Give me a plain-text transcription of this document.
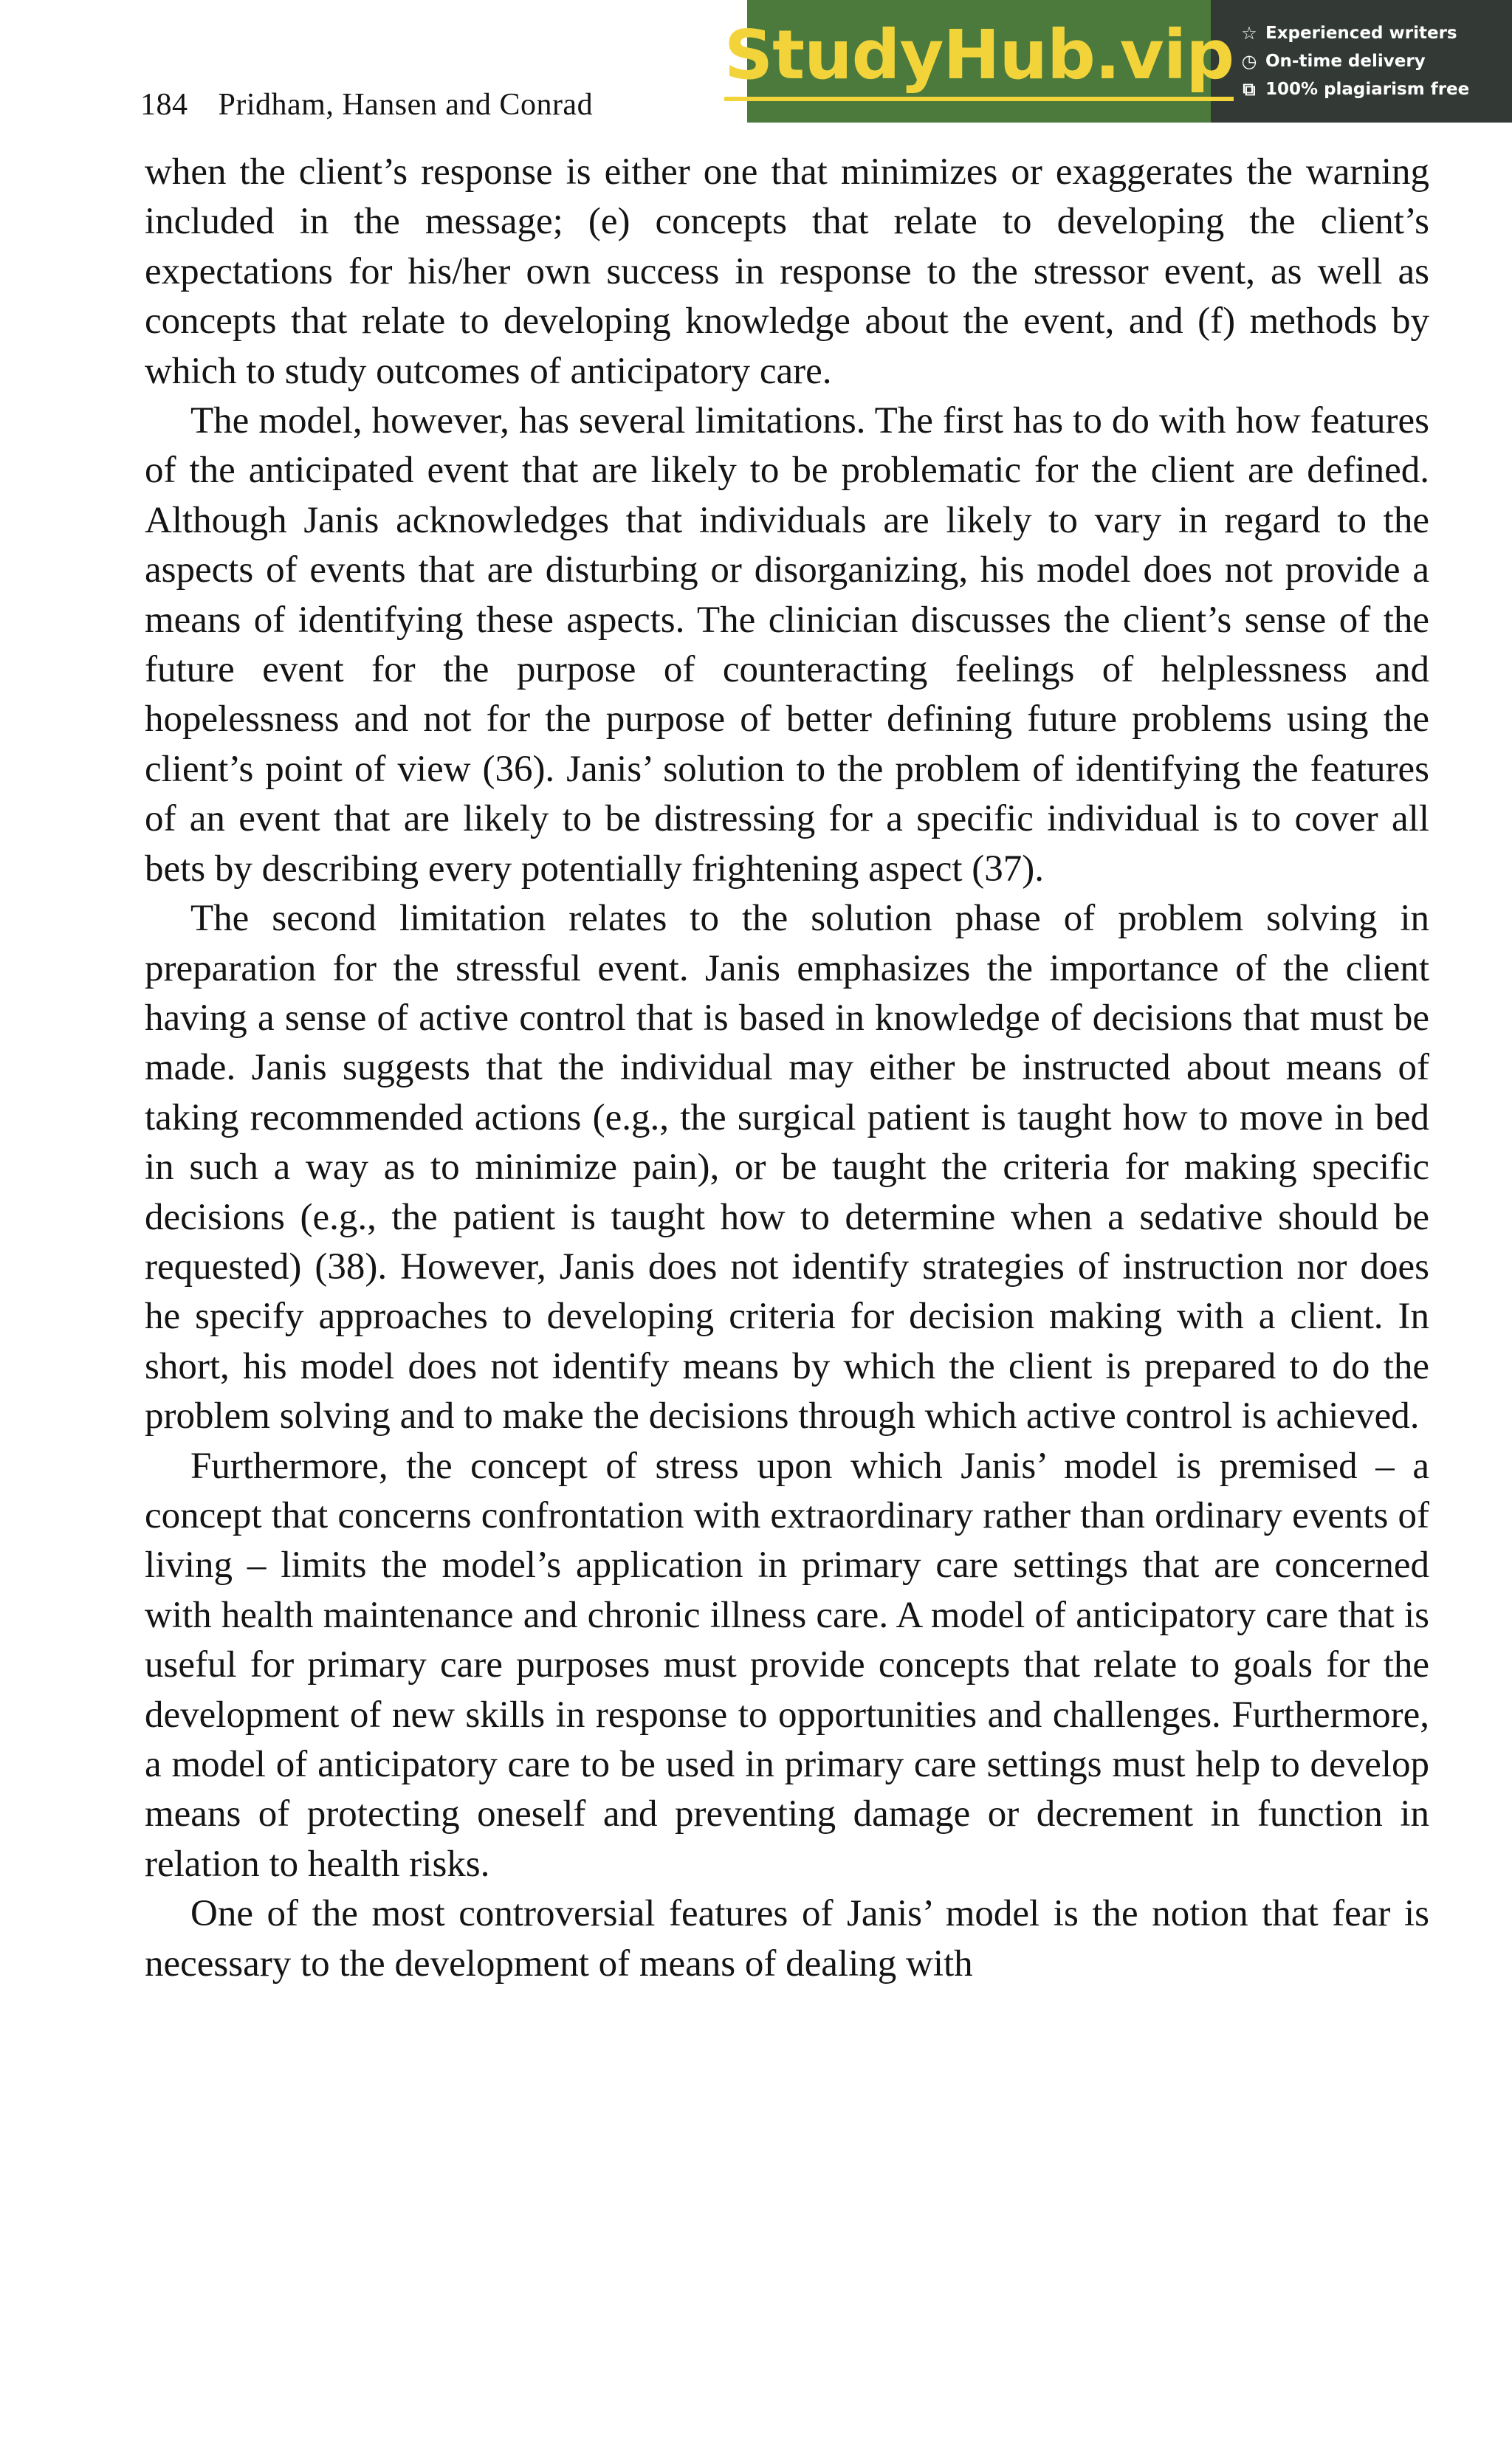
184 Pridham, Hansen and Conrad
StudyHub.vip ☆ Experienced writers
◷ On-time delivery
⧉ 100% plagiarism free

when the client’s response is either one that minimizes or exaggerates the warning included in the message; (e) concepts that relate to developing the client’s expectations for his/her own success in response to the stressor event, as well as concepts that relate to developing knowledge about the event, and (f) methods by which to study outcomes of anticipatory care.

The model, however, has several limitations. The first has to do with how features of the anticipated event that are likely to be problematic for the client are defined. Although Janis acknowledges that individuals are likely to vary in regard to the aspects of events that are disturbing or disorganizing, his model does not provide a means of identifying these aspects. The clinician discusses the client’s sense of the future event for the purpose of counteracting feelings of helplessness and hopelessness and not for the purpose of better defining future problems using the client’s point of view (36). Janis’ solution to the problem of identifying the features of an event that are likely to be distressing for a specific individual is to cover all bets by describing every potentially frightening aspect (37).

The second limitation relates to the solution phase of problem solving in preparation for the stressful event. Janis emphasizes the importance of the client having a sense of active control that is based in knowledge of decisions that must be made. Janis suggests that the individual may either be instructed about means of taking recommended actions (e.g., the surgical patient is taught how to move in bed in such a way as to minimize pain), or be taught the criteria for making specific decisions (e.g., the patient is taught how to determine when a sedative should be requested) (38). However, Janis does not identify strategies of instruction nor does he specify approaches to developing criteria for decision making with a client. In short, his model does not identify means by which the client is prepared to do the problem solving and to make the decisions through which active control is achieved.

Furthermore, the concept of stress upon which Janis’ model is premised – a concept that concerns confrontation with extraordinary rather than ordinary events of living – limits the model’s application in primary care settings that are concerned with health maintenance and chronic illness care. A model of anticipatory care that is useful for primary care purposes must provide concepts that relate to goals for the development of new skills in response to opportunities and challenges. Furthermore, a model of anticipatory care to be used in primary care settings must help to develop means of protecting oneself and preventing damage or decrement in function in relation to health risks.

One of the most controversial features of Janis’ model is the notion that fear is necessary to the development of means of dealing with
